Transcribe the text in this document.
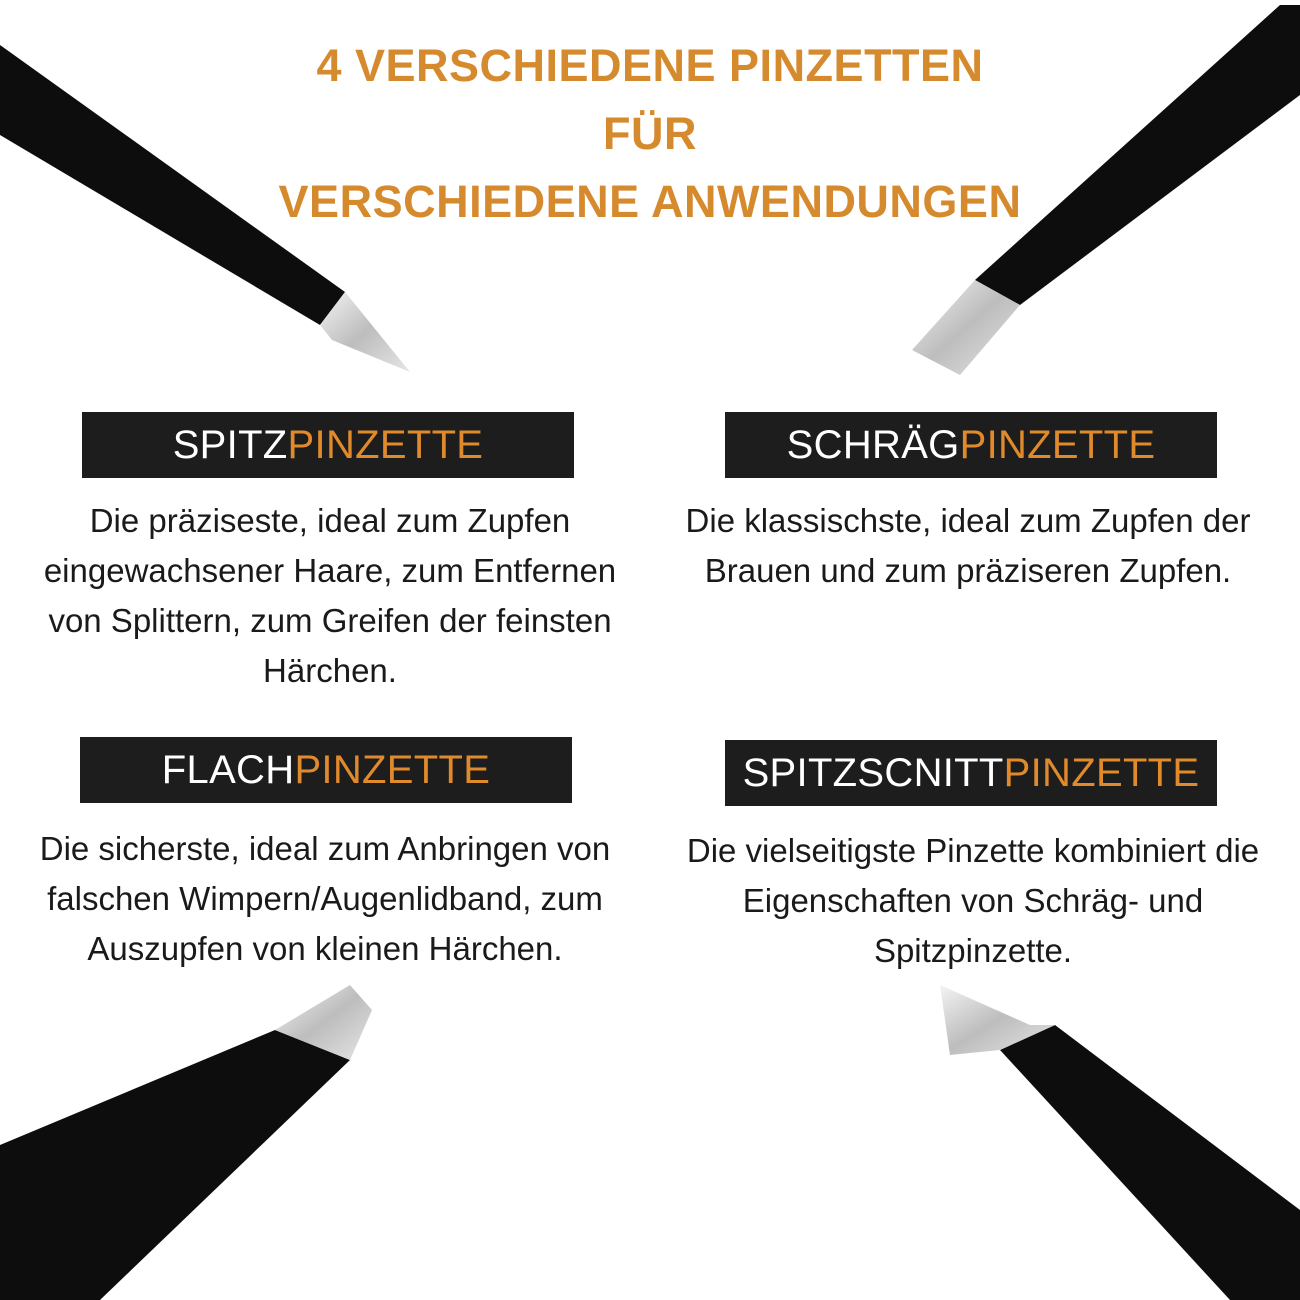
4 VERSCHIEDENE PINZETTEN
FÜR
VERSCHIEDENE ANWENDUNGEN
SPITZPINZETTE
Die präziseste, ideal zum Zupfen eingewachsener Haare, zum Entfernen von Splittern, zum Greifen der feinsten Härchen.
SCHRÄGPINZETTE
Die klassischste, ideal zum Zupfen der Brauen und zum präziseren Zupfen.
FLACHPINZETTE
Die sicherste, ideal zum Anbringen von falschen Wimpern/Augenlidband, zum Auszupfen von kleinen Härchen.
SPITZSCNITTPINZETTE
Die vielseitigste Pinzette kombiniert die Eigenschaften von Schräg- und Spitzpinzette.
